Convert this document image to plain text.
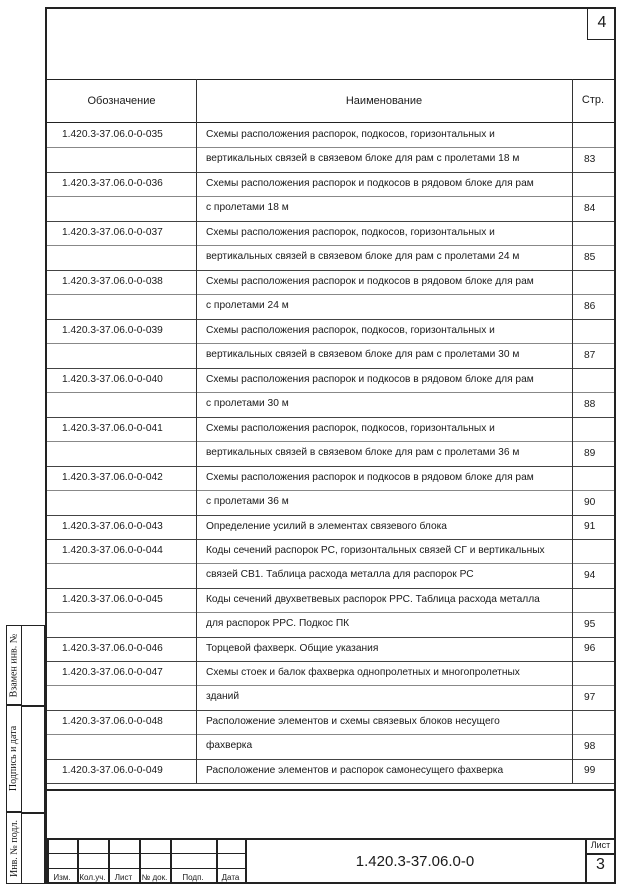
4
Взамен инв. №
Подпись и дата
Инв. № подл.
Обозначение	Наименование	Стр.
1.420.3-37.06.0-0-035	Схемы расположения распорок, подкосов, горизонтальных и
вертикальных связей в связевом блоке для рам с пролетами 18 м	83
1.420.3-37.06.0-0-036	Схемы расположения распорок и подкосов в рядовом блоке для рам
с пролетами 18 м	84
1.420.3-37.06.0-0-037	Схемы расположения распорок, подкосов, горизонтальных и
вертикальных связей в связевом блоке для рам с пролетами 24 м	85
1.420.3-37.06.0-0-038	Схемы расположения распорок и подкосов в рядовом блоке для рам
с пролетами 24 м	86
1.420.3-37.06.0-0-039	Схемы расположения распорок, подкосов, горизонтальных и
вертикальных связей в связевом блоке для рам с пролетами 30 м	87
1.420.3-37.06.0-0-040	Схемы расположения распорок и подкосов в рядовом блоке для рам
с пролетами 30 м	88
1.420.3-37.06.0-0-041	Схемы расположения распорок, подкосов, горизонтальных и
вертикальных связей в связевом блоке для рам с пролетами 36 м	89
1.420.3-37.06.0-0-042	Схемы расположения распорок и подкосов в рядовом блоке для рам
с пролетами 36 м	90
1.420.3-37.06.0-0-043	Определение усилий в элементах связевого блока	91
1.420.3-37.06.0-0-044	Коды сечений распорок РС, горизонтальных связей СГ и вертикальных
связей СВ1. Таблица расхода металла для распорок РС	94
1.420.3-37.06.0-0-045	Коды сечений двухветвевых распорок РРС. Таблица расхода металла
для распорок РРС. Подкос ПК	95
1.420.3-37.06.0-0-046	Торцевой фахверк. Общие указания	96
1.420.3-37.06.0-0-047	Схемы стоек и балок фахверка однопролетных и многопролетных
зданий	97
1.420.3-37.06.0-0-048	Расположение элементов и схемы связевых блоков несущего
фахверка	98
1.420.3-37.06.0-0-049	Расположение элементов и распорок самонесущего фахверка	99
Изм.	Кол.уч.	Лист	№ док.	Подп.	Дата
1.420.3-37.06.0-0
Лист
3
